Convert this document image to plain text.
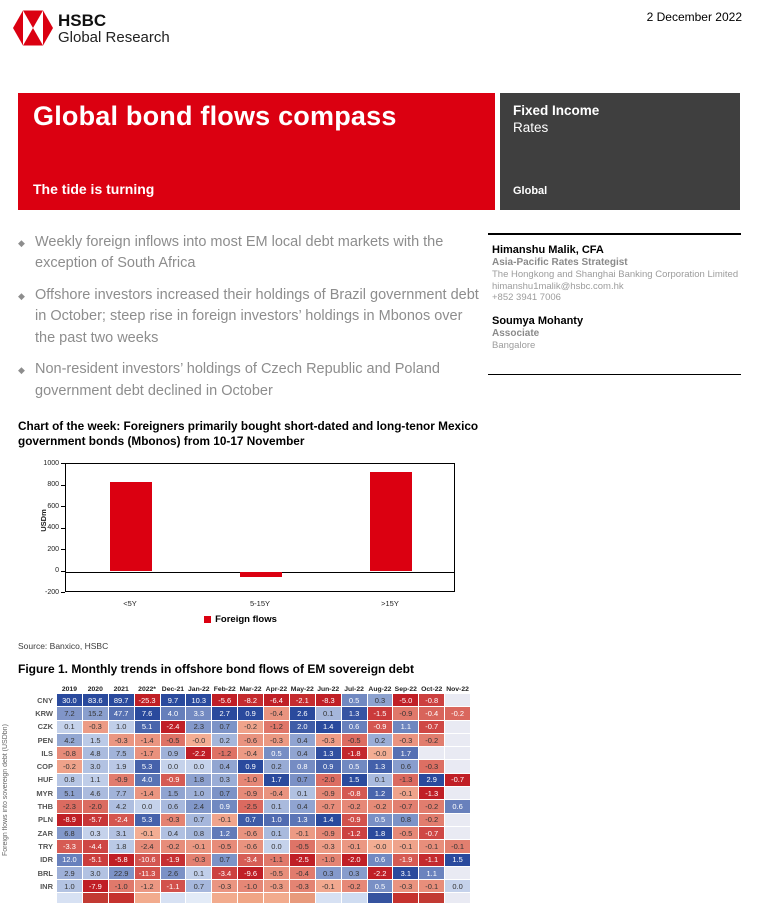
HSBC
Global Research
2 December 2022
Global bond flows compass
The tide is turning
Fixed Income
Rates
Global
◆ Weekly foreign inflows into most EM local debt markets with the exception of South Africa
◆ Offshore investors increased their holdings of Brazil government debt in October; steep rise in foreign investors’ holdings in Mbonos over the past two weeks
◆ Non-resident investors’ holdings of Czech Republic and Poland government debt declined in October
Himanshu Malik, CFA
Asia-Pacific Rates Strategist
The Hongkong and Shanghai Banking Corporation Limited
himanshu1malik@hsbc.com.hk
+852 3941 7006
Soumya Mohanty
Associate
Bangalore
Chart of the week: Foreigners primarily bought short-dated and long-tenor Mexico government bonds (Mbonos) from 10-17 November
USDm
Foreign flows
1000
800
600
400
200
0
-200
<5Y	5-15Y	>15Y
Source: Banxico, HSBC
Figure 1. Monthly trends in offshore bond flows of EM sovereign debt
Foreign flows into sovereign debt (USDbn)
2019	2020	2021	2022* Dec-21 Jan-22 Feb-22 Mar-22 Apr-22 May-22 Jun-22 Jul-22 Aug-22 Sep-22 Oct-22 Nov-22
CNY	30.0	83.6	89.7	-25.3	9.7	10.3	-5.6	-8.2	-6.4	-2.1	-8.3	0.5	0.3	-5.0	-0.8
KRW	7.2	15.2	47.7	7.6	4.0	3.3	2.7	0.9	-0.4	2.6	0.1	1.3	-1.5	-0.9	-0.4	-0.2
CZK	0.1	-0.3	1.0	5.1	-2.4	2.3	0.7	-0.2	-1.2	2.0	1.4	0.6	-0.9	1.1	-0.7
PEN	4.2	1.5	-0.3	-1.4	-0.5	-0.0	0.2	-0.6	-0.3	0.4	-0.3	-0.5	0.2	-0.3	-0.2
ILS	-0.8	4.8	7.5	-1.7	0.9	-2.2	-1.2	-0.4	0.5	0.4	1.3	-1.8	-0.0	1.7
COP	-0.2	3.0	1.9	5.3	0.0	0.0	0.4	0.9	0.2	0.8	0.9	0.5	1.3	0.6	-0.3
HUF	0.8	1.1	-0.9	4.0	-0.9	1.8	0.3	-1.0	1.7	0.7	-2.0	1.5	0.1	-1.3	2.9	-0.7
MYR	5.1	4.6	7.7	-1.4	1.5	1.0	0.7	-0.9	-0.4	0.1	-0.9	-0.8	1.2	-0.1	-1.3
THB	-2.3	-2.0	4.2	0.0	0.6	2.4	0.9	-2.5	0.1	0.4	-0.7	-0.2	-0.2	-0.7	-0.2	0.6
PLN	-8.9	-5.7	-2.4	5.3	-0.3	0.7	-0.1	0.7	1.0	1.3	1.4	-0.9	0.5	0.8	-0.2
ZAR	6.8	0.3	3.1	-0.1	0.4	0.8	1.2	-0.6	0.1	-0.1	-0.9	-1.2	1.8	-0.5	-0.7
TRY	-3.3	-4.4	1.8	-2.4	-0.2	-0.1	-0.5	-0.6	0.0	-0.5	-0.3	-0.1	-0.0	-0.1	-0.1	-0.1
IDR	12.0	-5.1	-5.8	-10.6	-1.9	-0.3	0.7	-3.4	-1.1	-2.5	-1.0	-2.0	0.6	-1.9	-1.1	1.5
BRL	2.9	3.0	22.9	-11.3	2.6	0.1	-3.4	-9.6	-0.5	-0.4	0.3	0.3	-2.2	3.1	1.1
INR	1.0	-7.9	-1.0	-1.2	-1.1	0.7	-0.3	-1.0	-0.3	-0.3	-0.1	-0.2	0.5	-0.3	-0.1	0.0
